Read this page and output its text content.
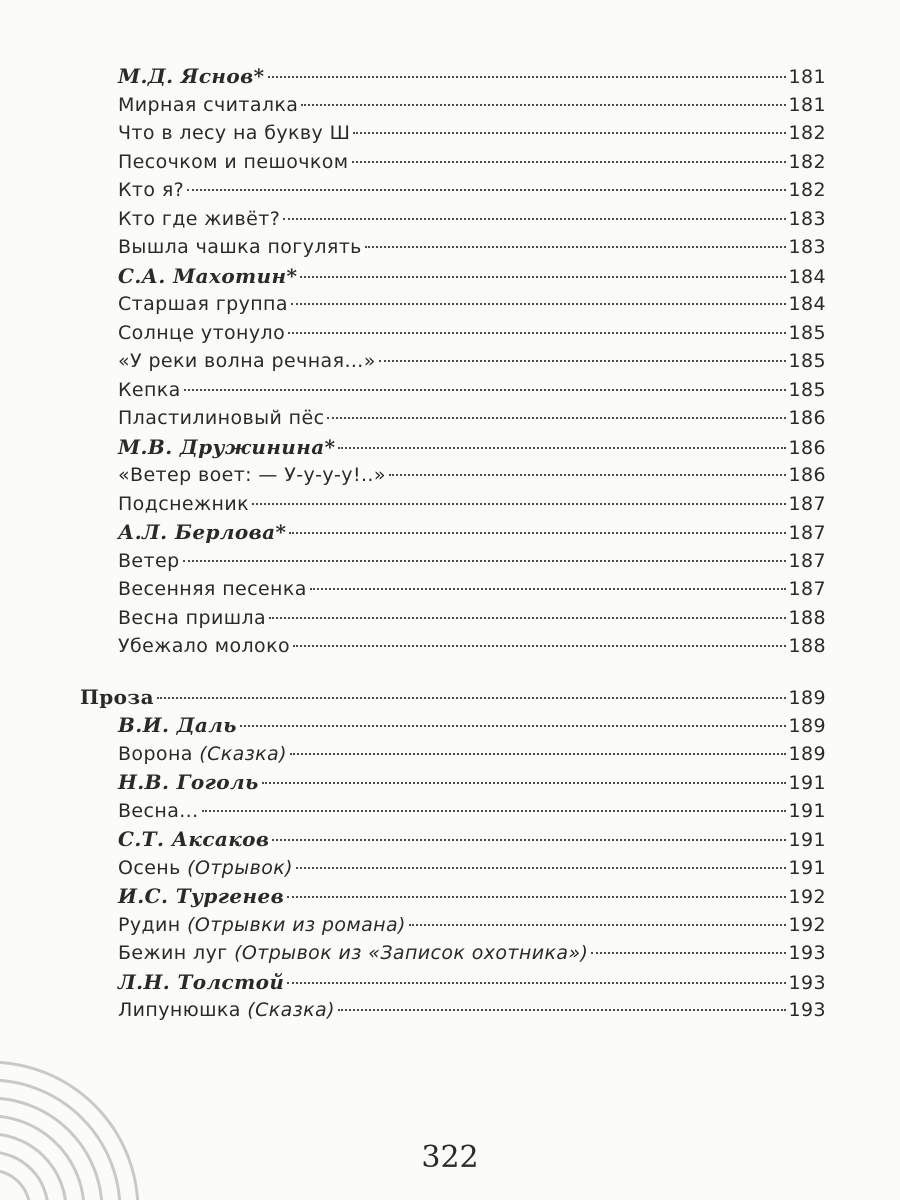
М.Д. Яснов*	181
Мирная считалка	181
Что в лесу на букву Ш	182
Песочком и пешочком	182
Кто я?	182
Кто где живёт?	183
Вышла чашка погулять	183
С.А. Махотин*	184
Старшая группа	184
Солнце утонуло	185
«У реки волна речная…»	185
Кепка	185
Пластилиновый пёс	186
М.В. Дружинина*	186
«Ветер воет: — У-у-у-у!..»	186
Подснежник	187
А.Л. Берлова*	187
Ветер	187
Весенняя песенка	187
Весна пришла	188
Убежало молоко	188
Проза	189
В.И. Даль	189
Ворона (Сказка)	189
Н.В. Гоголь	191
Весна...	191
С.Т. Аксаков	191
Осень (Отрывок)	191
И.С. Тургенев	192
Рудин (Отрывки из романа)	192
Бежин луг (Отрывок из «Записок охотника»)	193
Л.Н. Толстой	193
Липунюшка (Сказка)	193
322
